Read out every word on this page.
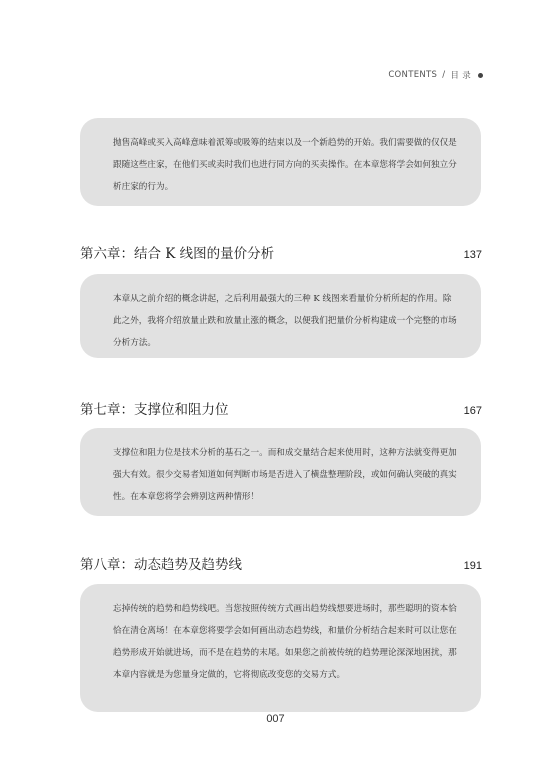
CONTENTS / 目 录
抛售高峰或买入高峰意味着派筹或吸筹的结束以及一个新趋势的开始。我们需要做的仅仅是跟随这些庄家，在他们买或卖时我们也进行同方向的买卖操作。在本章您将学会如何独立分析庄家的行为。
第六章：结合 K 线图的量价分析	137
本章从之前介绍的概念讲起，之后利用最强大的三种 K 线图来看量价分析所起的作用。除此之外，我将介绍放量止跌和放量止涨的概念，以便我们把量价分析构建成一个完整的市场分析方法。
第七章：支撑位和阻力位	167
支撑位和阻力位是技术分析的基石之一。而和成交量结合起来使用时，这种方法就变得更加强大有效。很少交易者知道如何判断市场是否进入了横盘整理阶段，或如何确认突破的真实性。在本章您将学会辨别这两种情形！
第八章：动态趋势及趋势线	191
忘掉传统的趋势和趋势线吧。当您按照传统方式画出趋势线想要进场时，那些聪明的资本恰恰在清仓离场！在本章您将要学会如何画出动态趋势线，和量价分析结合起来时可以让您在趋势形成开始就进场，而不是在趋势的末尾。如果您之前被传统的趋势理论深深地困扰，那本章内容就是为您量身定做的，它将彻底改变您的交易方式。
007
